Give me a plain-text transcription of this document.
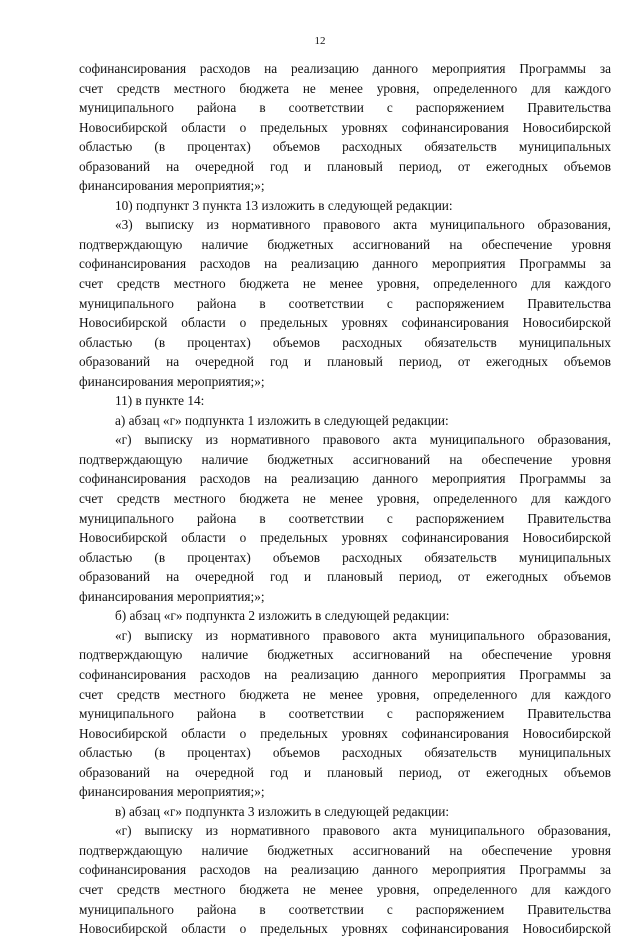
12
софинансирования расходов на реализацию данного мероприятия Программы за
счет средств местного бюджета не менее уровня, определенного для каждого
муниципального района в соответствии с распоряжением Правительства
Новосибирской области о предельных уровнях софинансирования Новосибирской
областью (в процентах) объемов расходных обязательств муниципальных
образований на очередной год и плановый период, от ежегодных объемов
финансирования мероприятия;»;
10) подпункт 3 пункта 13 изложить в следующей редакции:
«3) выписку из нормативного правового акта муниципального образования,
подтверждающую наличие бюджетных ассигнований на обеспечение уровня
софинансирования расходов на реализацию данного мероприятия Программы за
счет средств местного бюджета не менее уровня, определенного для каждого
муниципального района в соответствии с распоряжением Правительства
Новосибирской области о предельных уровнях софинансирования Новосибирской
областью (в процентах) объемов расходных обязательств муниципальных
образований на очередной год и плановый период, от ежегодных объемов
финансирования мероприятия;»;
11) в пункте 14:
а) абзац «г» подпункта 1 изложить в следующей редакции:
«г) выписку из нормативного правового акта муниципального образования,
подтверждающую наличие бюджетных ассигнований на обеспечение уровня
софинансирования расходов на реализацию данного мероприятия Программы за
счет средств местного бюджета не менее уровня, определенного для каждого
муниципального района в соответствии с распоряжением Правительства
Новосибирской области о предельных уровнях софинансирования Новосибирской
областью (в процентах) объемов расходных обязательств муниципальных
образований на очередной год и плановый период, от ежегодных объемов
финансирования мероприятия;»;
б) абзац «г» подпункта 2 изложить в следующей редакции:
«г) выписку из нормативного правового акта муниципального образования,
подтверждающую наличие бюджетных ассигнований на обеспечение уровня
софинансирования расходов на реализацию данного мероприятия Программы за
счет средств местного бюджета не менее уровня, определенного для каждого
муниципального района в соответствии с распоряжением Правительства
Новосибирской области о предельных уровнях софинансирования Новосибирской
областью (в процентах) объемов расходных обязательств муниципальных
образований на очередной год и плановый период, от ежегодных объемов
финансирования мероприятия;»;
в) абзац «г» подпункта 3 изложить в следующей редакции:
«г) выписку из нормативного правового акта муниципального образования,
подтверждающую наличие бюджетных ассигнований на обеспечение уровня
софинансирования расходов на реализацию данного мероприятия Программы за
счет средств местного бюджета не менее уровня, определенного для каждого
муниципального района в соответствии с распоряжением Правительства
Новосибирской области о предельных уровнях софинансирования Новосибирской
